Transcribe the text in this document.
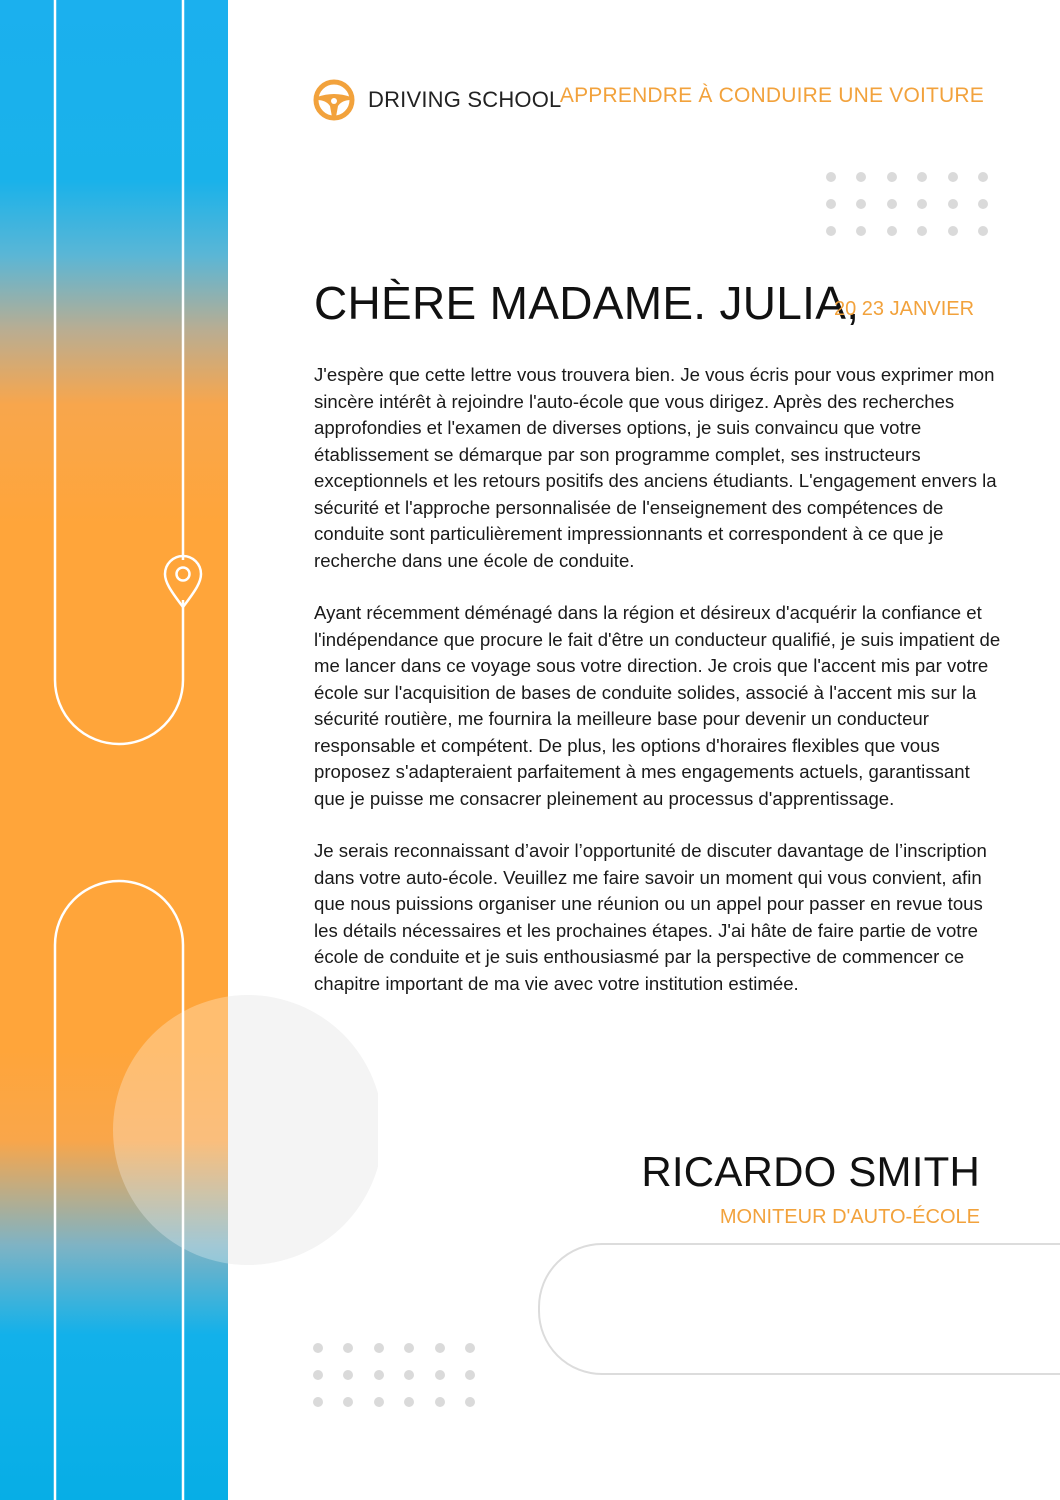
DRIVING SCHOOL
APPRENDRE À CONDUIRE UNE VOITURE
CHÈRE MADAME. JULIA,
20 23 JANVIER

J'espère que cette lettre vous trouvera bien. Je vous écris pour vous exprimer mon sincère intérêt à rejoindre l'auto-école que vous dirigez. Après des recherches approfondies et l'examen de diverses options, je suis convaincu que votre établissement se démarque par son programme complet, ses instructeurs exceptionnels et les retours positifs des anciens étudiants. L'engagement envers la sécurité et l'approche personnalisée de l'enseignement des compétences de conduite sont particulièrement impressionnants et correspondent à ce que je recherche dans une école de conduite.

Ayant récemment déménagé dans la région et désireux d'acquérir la confiance et l'indépendance que procure le fait d'être un conducteur qualifié, je suis impatient de me lancer dans ce voyage sous votre direction. Je crois que l'accent mis par votre école sur l'acquisition de bases de conduite solides, associé à l'accent mis sur la sécurité routière, me fournira la meilleure base pour devenir un conducteur responsable et compétent. De plus, les options d'horaires flexibles que vous proposez s'adapteraient parfaitement à mes engagements actuels, garantissant que je puisse me consacrer pleinement au processus d'apprentissage.

Je serais reconnaissant d’avoir l’opportunité de discuter davantage de l’inscription dans votre auto-école. Veuillez me faire savoir un moment qui vous convient, afin que nous puissions organiser une réunion ou un appel pour passer en revue tous les détails nécessaires et les prochaines étapes. J'ai hâte de faire partie de votre école de conduite et je suis enthousiasmé par la perspective de commencer ce chapitre important de ma vie avec votre institution estimée.

RICARDO SMITH
MONITEUR D'AUTO-ÉCOLE
